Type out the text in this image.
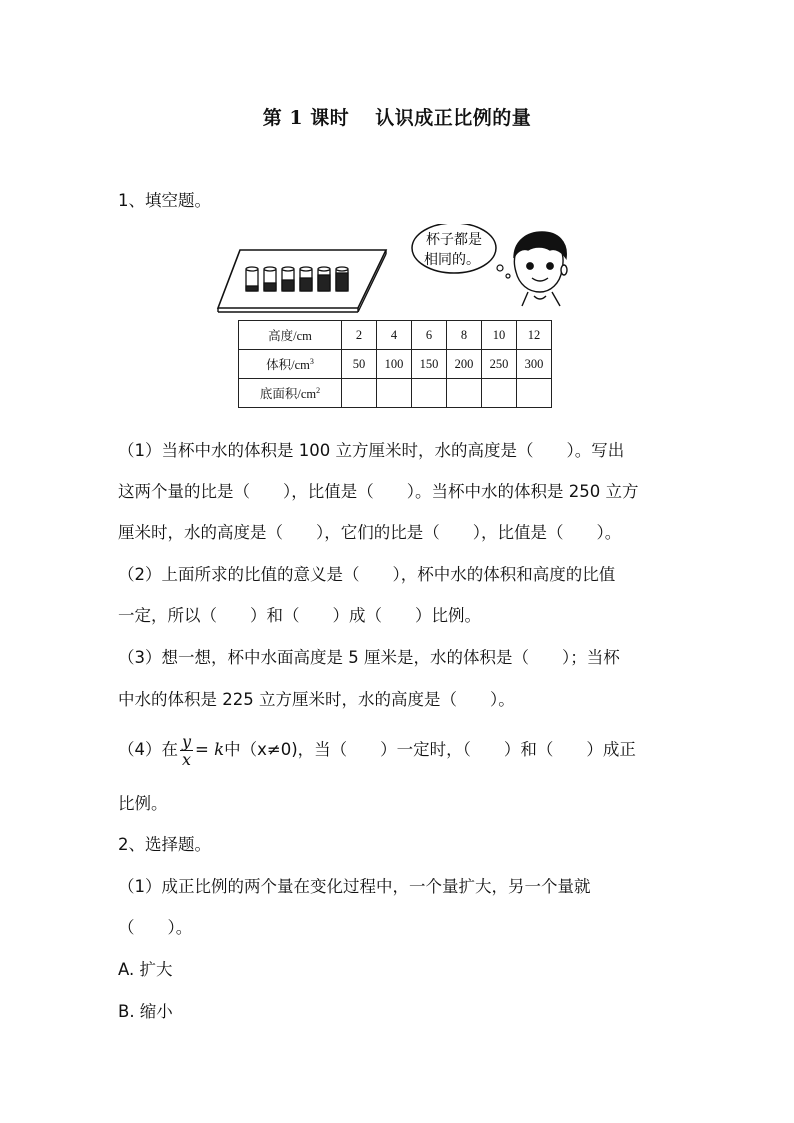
第 1 课时 认识成正比例的量
1、填空题。
杯子都是
相同的。
高度/cm	2	4	6	8	10	12
体积$/cm^3$	50	100	150	200	250	300
底面积$/cm^2$						
（1）当杯中水的体积是 100 立方厘米时，水的高度是（　　）。写出
这两个量的比是（　　），比值是（　　）。当杯中水的体积是 250 立方
厘米时，水的高度是（　　），它们的比是（　　），比值是（　　）。
（2）上面所求的比值的意义是（　　），杯中水的体积和高度的比值
一定，所以（　　）和（　　）成（　　）比例。
（3）想一想，杯中水面高度是 5 厘米是，水的体积是（　　）；当杯
中水的体积是 225 立方厘米时，水的高度是（　　）。
（4）在 $\frac{y}{x} = k$ 中（x≠0)，当（　　）一定时，（　　）和（　　）成正
比例。
2、选择题。
（1）成正比例的两个量在变化过程中，一个量扩大，另一个量就
（　　）。
A. 扩大
B. 缩小
